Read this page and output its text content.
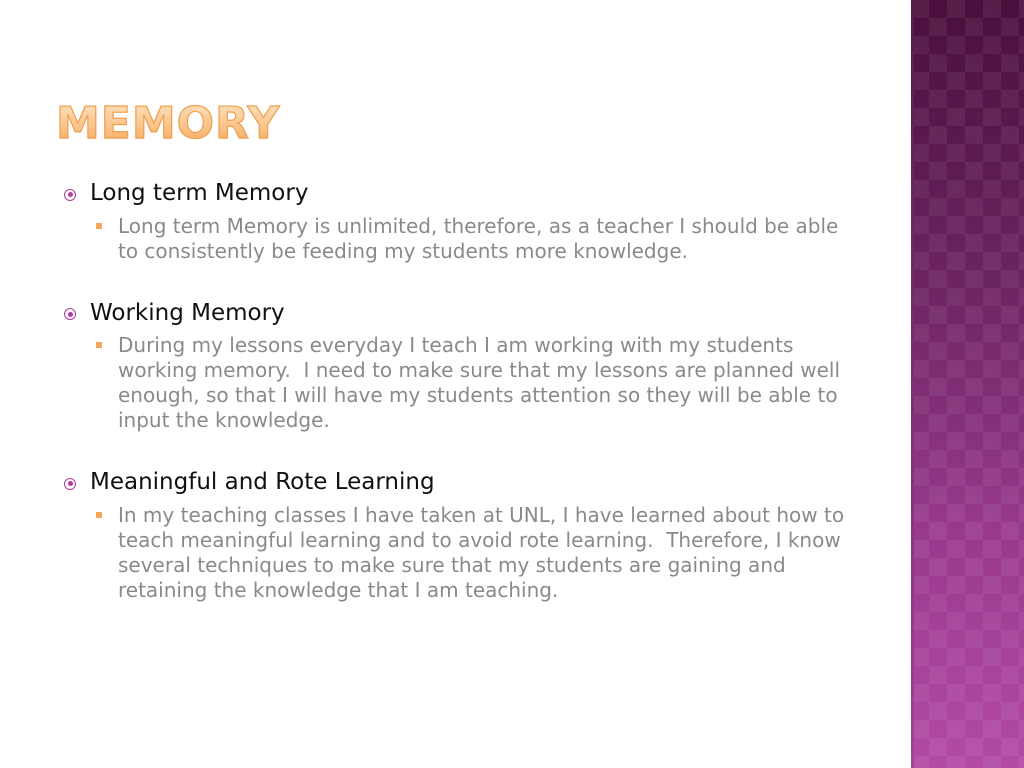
MEMORY
Long term Memory
Long term Memory is unlimited, therefore, as a teacher I should be able to consistently be feeding my students more knowledge.
Working Memory
During my lessons everyday I teach I am working with my students working memory.  I need to make sure that my lessons are planned well enough, so that I will have my students attention so they will be able to input the knowledge.
Meaningful and Rote Learning
In my teaching classes I have taken at UNL, I have learned about how to teach meaningful learning and to avoid rote learning.  Therefore, I know several techniques to make sure that my students are gaining and retaining the knowledge that I am teaching.
